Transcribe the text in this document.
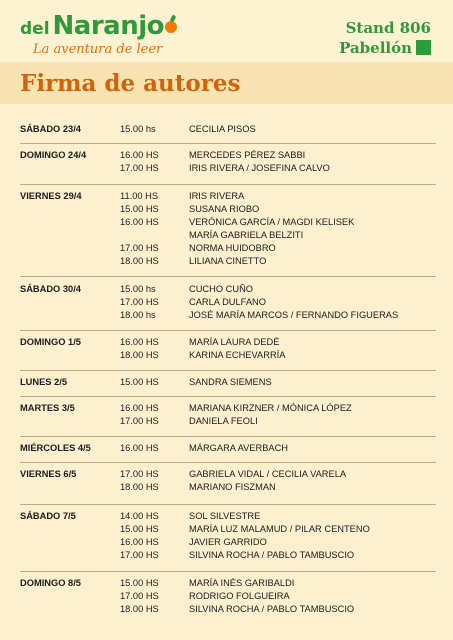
del Naranjo
La aventura de leer
Stand 806
Pabellón
Firma de autores
SÁBADO 23/4	15.00 hs	CECILIA PISOS
DOMINGO 24/4	16.00 HS	MERCEDES PÉREZ SABBI
17.00 HS	IRIS RIVERA / JOSEFINA CALVO
VIERNES 29/4	11.00 HS	IRIS RIVERA
15.00 HS	SUSANA RIOBO
16.00 HS	VERÓNICA GARCÍA / MAGDI KELISEK
MARÍA GABRIELA BELZITI
17.00 HS	NORMA HUIDOBRO
18.00 HS	LILIANA CINETTO
SÁBADO 30/4	15.00 hs	CUCHO CUÑO
17.00 HS	CARLA DULFANO
18.00 hs	JOSÉ MARÍA MARCOS / FERNANDO FIGUERAS
DOMINGO 1/5	16.00 HS	MARÍA LAURA DEDÉ
18.00 HS	KARINA ECHEVARRÍA
LUNES 2/5	15.00 HS	SANDRA SIEMENS
MARTES 3/5	16.00 HS	MARIANA KIRZNER / MÓNICA LÓPEZ
17.00 HS	DANIELA FEOLI
MIÉRCOLES 4/5	16.00 HS	MÁRGARA AVERBACH
VIERNES 6/5	17.00 HS	GABRIELA VIDAL / CECILIA VARELA
18.00 HS	MARIANO FISZMAN
SÁBADO 7/5	14.00 HS	SOL SILVESTRE
15.00 HS	MARÍA LUZ MALAMUD / PILAR CENTENO
16.00 HS	JAVIER GARRIDO
17.00 HS	SILVINA ROCHA / PABLO TAMBUSCIO
DOMINGO 8/5	15.00 HS	MARÍA INÉS GARIBALDI
17.00 HS	RODRIGO FOLGUEIRA
18.00 HS	SILVINA ROCHA / PABLO TAMBUSCIO
